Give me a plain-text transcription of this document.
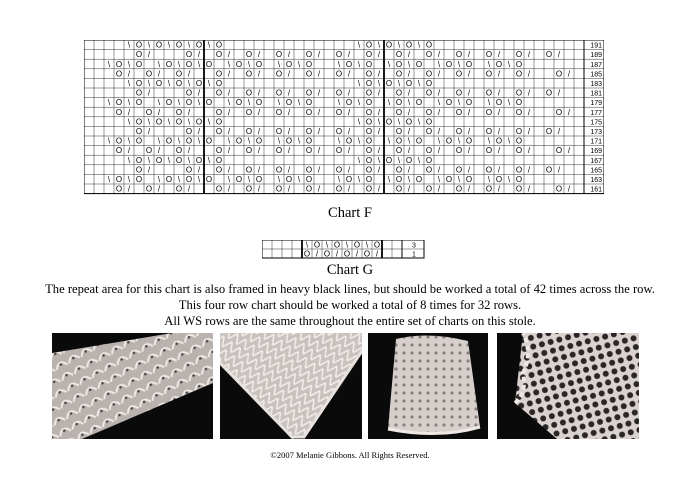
\ O \ O \ O \ O \ O	\ O \ O \ O \ O	191
O /	O / O / O / O / O / O / O / O / O / O / O / O / O /	189
\ O \ O \ O \ O \ O \ O \ O \ O \ O	\ O \ O \ O \ O \ O \ O \ O \ O	187
O / O / O /	O / O / O / O / O / O / O / O / O / O / O /	O /	185
\ O \ O \ O \ O \ O	\ O \ O \ O \ O	183
O /	O / O / O / O / O / O / O / O / O / O / O / O / O /	181
\ O \ O \ O \ O \ O \ O \ O \ O \ O	\ O \ O \ O \ O \ O \ O \ O \ O	179
O / O / O /	O / O / O / O / O / O / O / O / O / O / O /	O /	177
\ O \ O \ O \ O \ O	\ O \ O \ O \ O	175
O /	O / O / O / O / O / O / O / O / O / O / O / O / O /	173
\ O \ O \ O \ O \ O \ O \ O \ O \ O	\ O \ O \ O \ O \ O \ O \ O \ O	171
O / O / O /	O / O / O / O / O / O / O / O / O / O / O /	O /	169
\ O \ O \ O \ O \ O	\ O \ O \ O \ O	167
O /	O / O / O / O / O / O / O / O / O / O / O / O / O /	165
\ O \ O \ O \ O \ O \ O \ O \ O \ O	\ O \ O \ O \ O \ O \ O \ O \ O	163
O / O / O /	O / O / O / O / O / O / O / O / O / O / O /	O /	161
Chart F
\ O \ O \ O \ O	3
O / O / O / O /	1
Chart G
The repeat area for this chart is also framed in heavy black lines, but should be worked a total of 42 times across the row.
This four row chart should be worked a total of 8 times for 32 rows.
All WS rows are the same throughout the entire set of charts on this stole.
©2007 Melanie Gibbons. All Rights Reserved.
